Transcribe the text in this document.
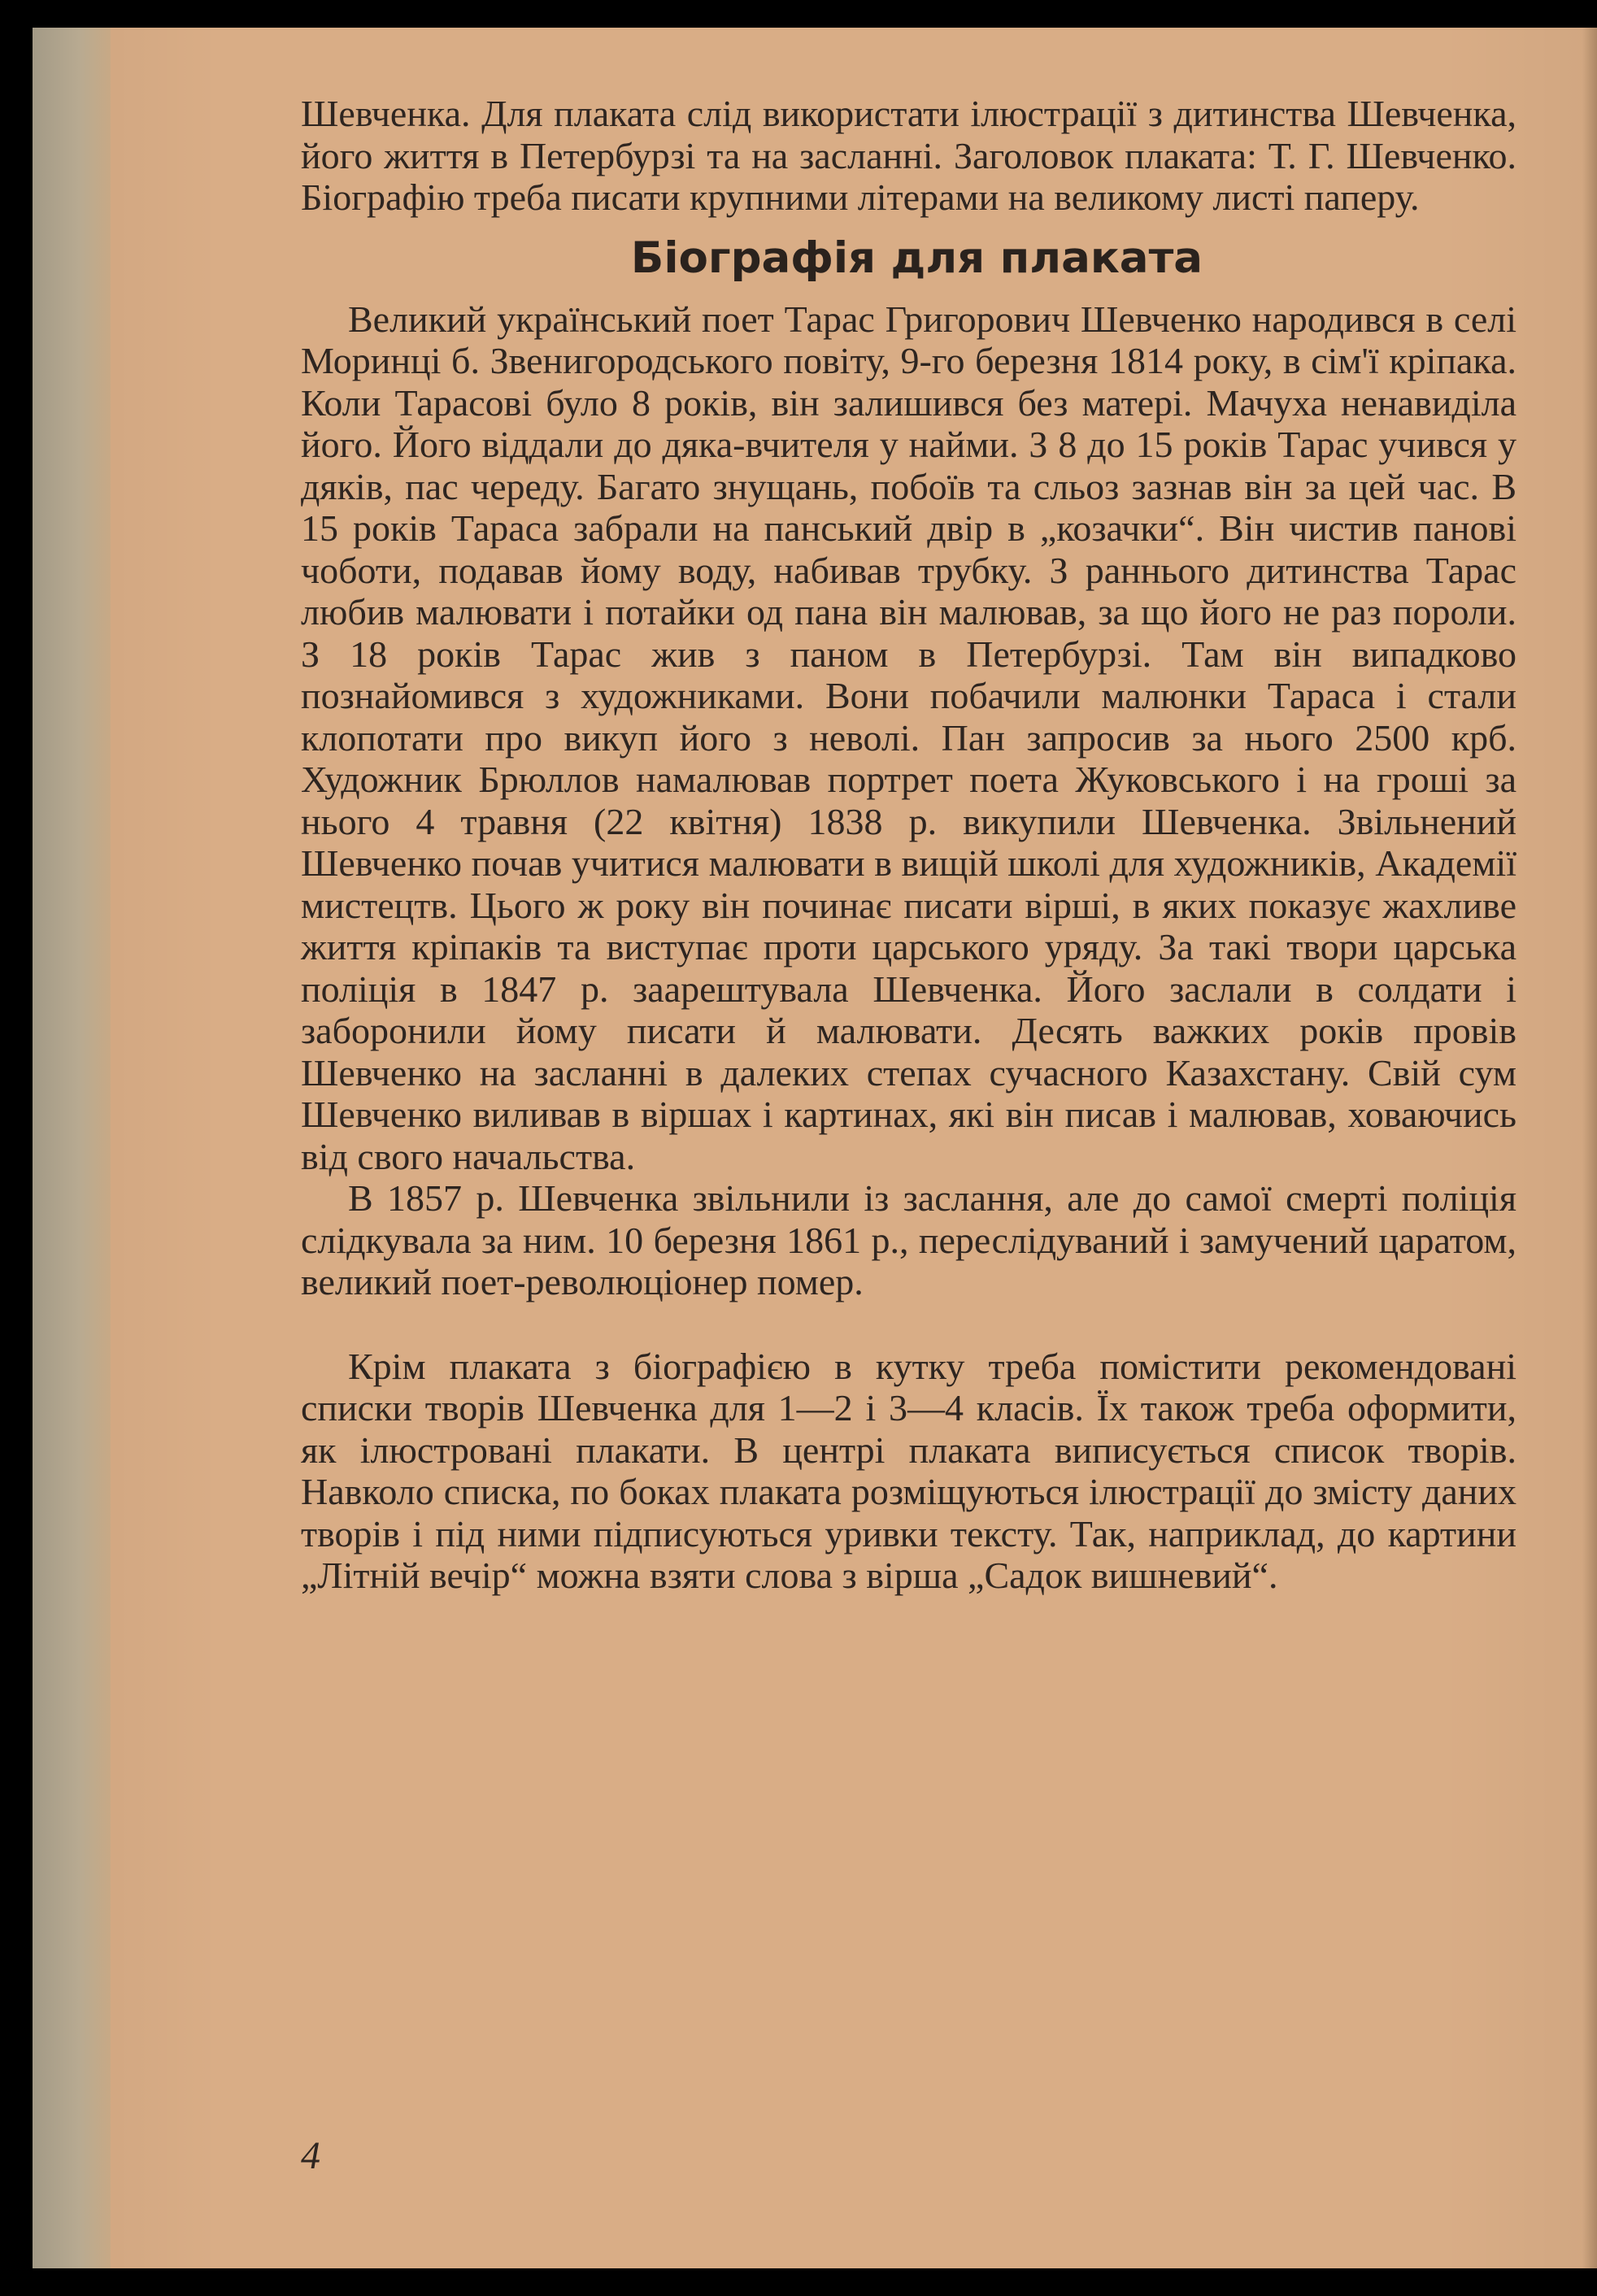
Шевченка. Для плаката слід використати ілюстрації з дитинства Шевченка, його життя в Петербурзі та на засланні. Заголовок плаката: Т. Г. Шевченко. Біографію треба писати крупними літерами на великому листі паперу.

Біографія для плаката

Великий український поет Тарас Григорович Шевченко народився в селі Моринці б. Звенигородського повіту, 9-го березня 1814 року, в сім'ї кріпака. Коли Тарасові було 8 років, він залишився без матері. Мачуха ненавиділа його. Його віддали до дяка-вчителя у найми. З 8 до 15 років Тарас учився у дяків, пас череду. Багато знущань, побоїв та сльоз зазнав він за цей час. В 15 років Тараса забрали на панський двір в „козачки“. Він чистив панові чоботи, подавав йому воду, набивав трубку. З раннього дитинства Тарас любив малювати і потайки од пана він малював, за що його не раз пороли. З 18 років Тарас жив з паном в Петербурзі. Там він випадково познайомився з художниками. Вони побачили малюнки Тараса і стали клопотати про викуп його з неволі. Пан запросив за нього 2500 крб. Художник Брюллов намалював портрет поета Жуковського і на гроші за нього 4 травня (22 квітня) 1838 р. викупили Шевченка. Звільнений Шевченко почав учитися малювати в вищій школі для художників, Академії мистецтв. Цього ж року він починає писати вірші, в яких показує жахливе життя кріпаків та виступає проти царського уряду. За такі твори царська поліція в 1847 р. заарештувала Шевченка. Його заслали в солдати і заборонили йому писати й малювати. Десять важких років провів Шевченко на засланні в далеких степах сучасного Казахстану. Свій сум Шевченко виливав в віршах і картинах, які він писав і малював, ховаючись від свого начальства.

В 1857 р. Шевченка звільнили із заслання, але до самої смерті поліція слідкувала за ним. 10 березня 1861 р., переслідуваний і замучений царатом, великий поет-революціонер помер.

Крім плаката з біографією в кутку треба помістити рекомендовані списки творів Шевченка для 1—2 і 3—4 класів. Їх також треба оформити, як ілюстровані плакати. В центрі плаката виписується список творів. Навколо списка, по боках плаката розміщуються ілюстрації до змісту даних творів і під ними підписуються уривки тексту. Так, наприклад, до картини „Літній вечір“ можна взяти слова з вірша „Садок вишневий“.

4
